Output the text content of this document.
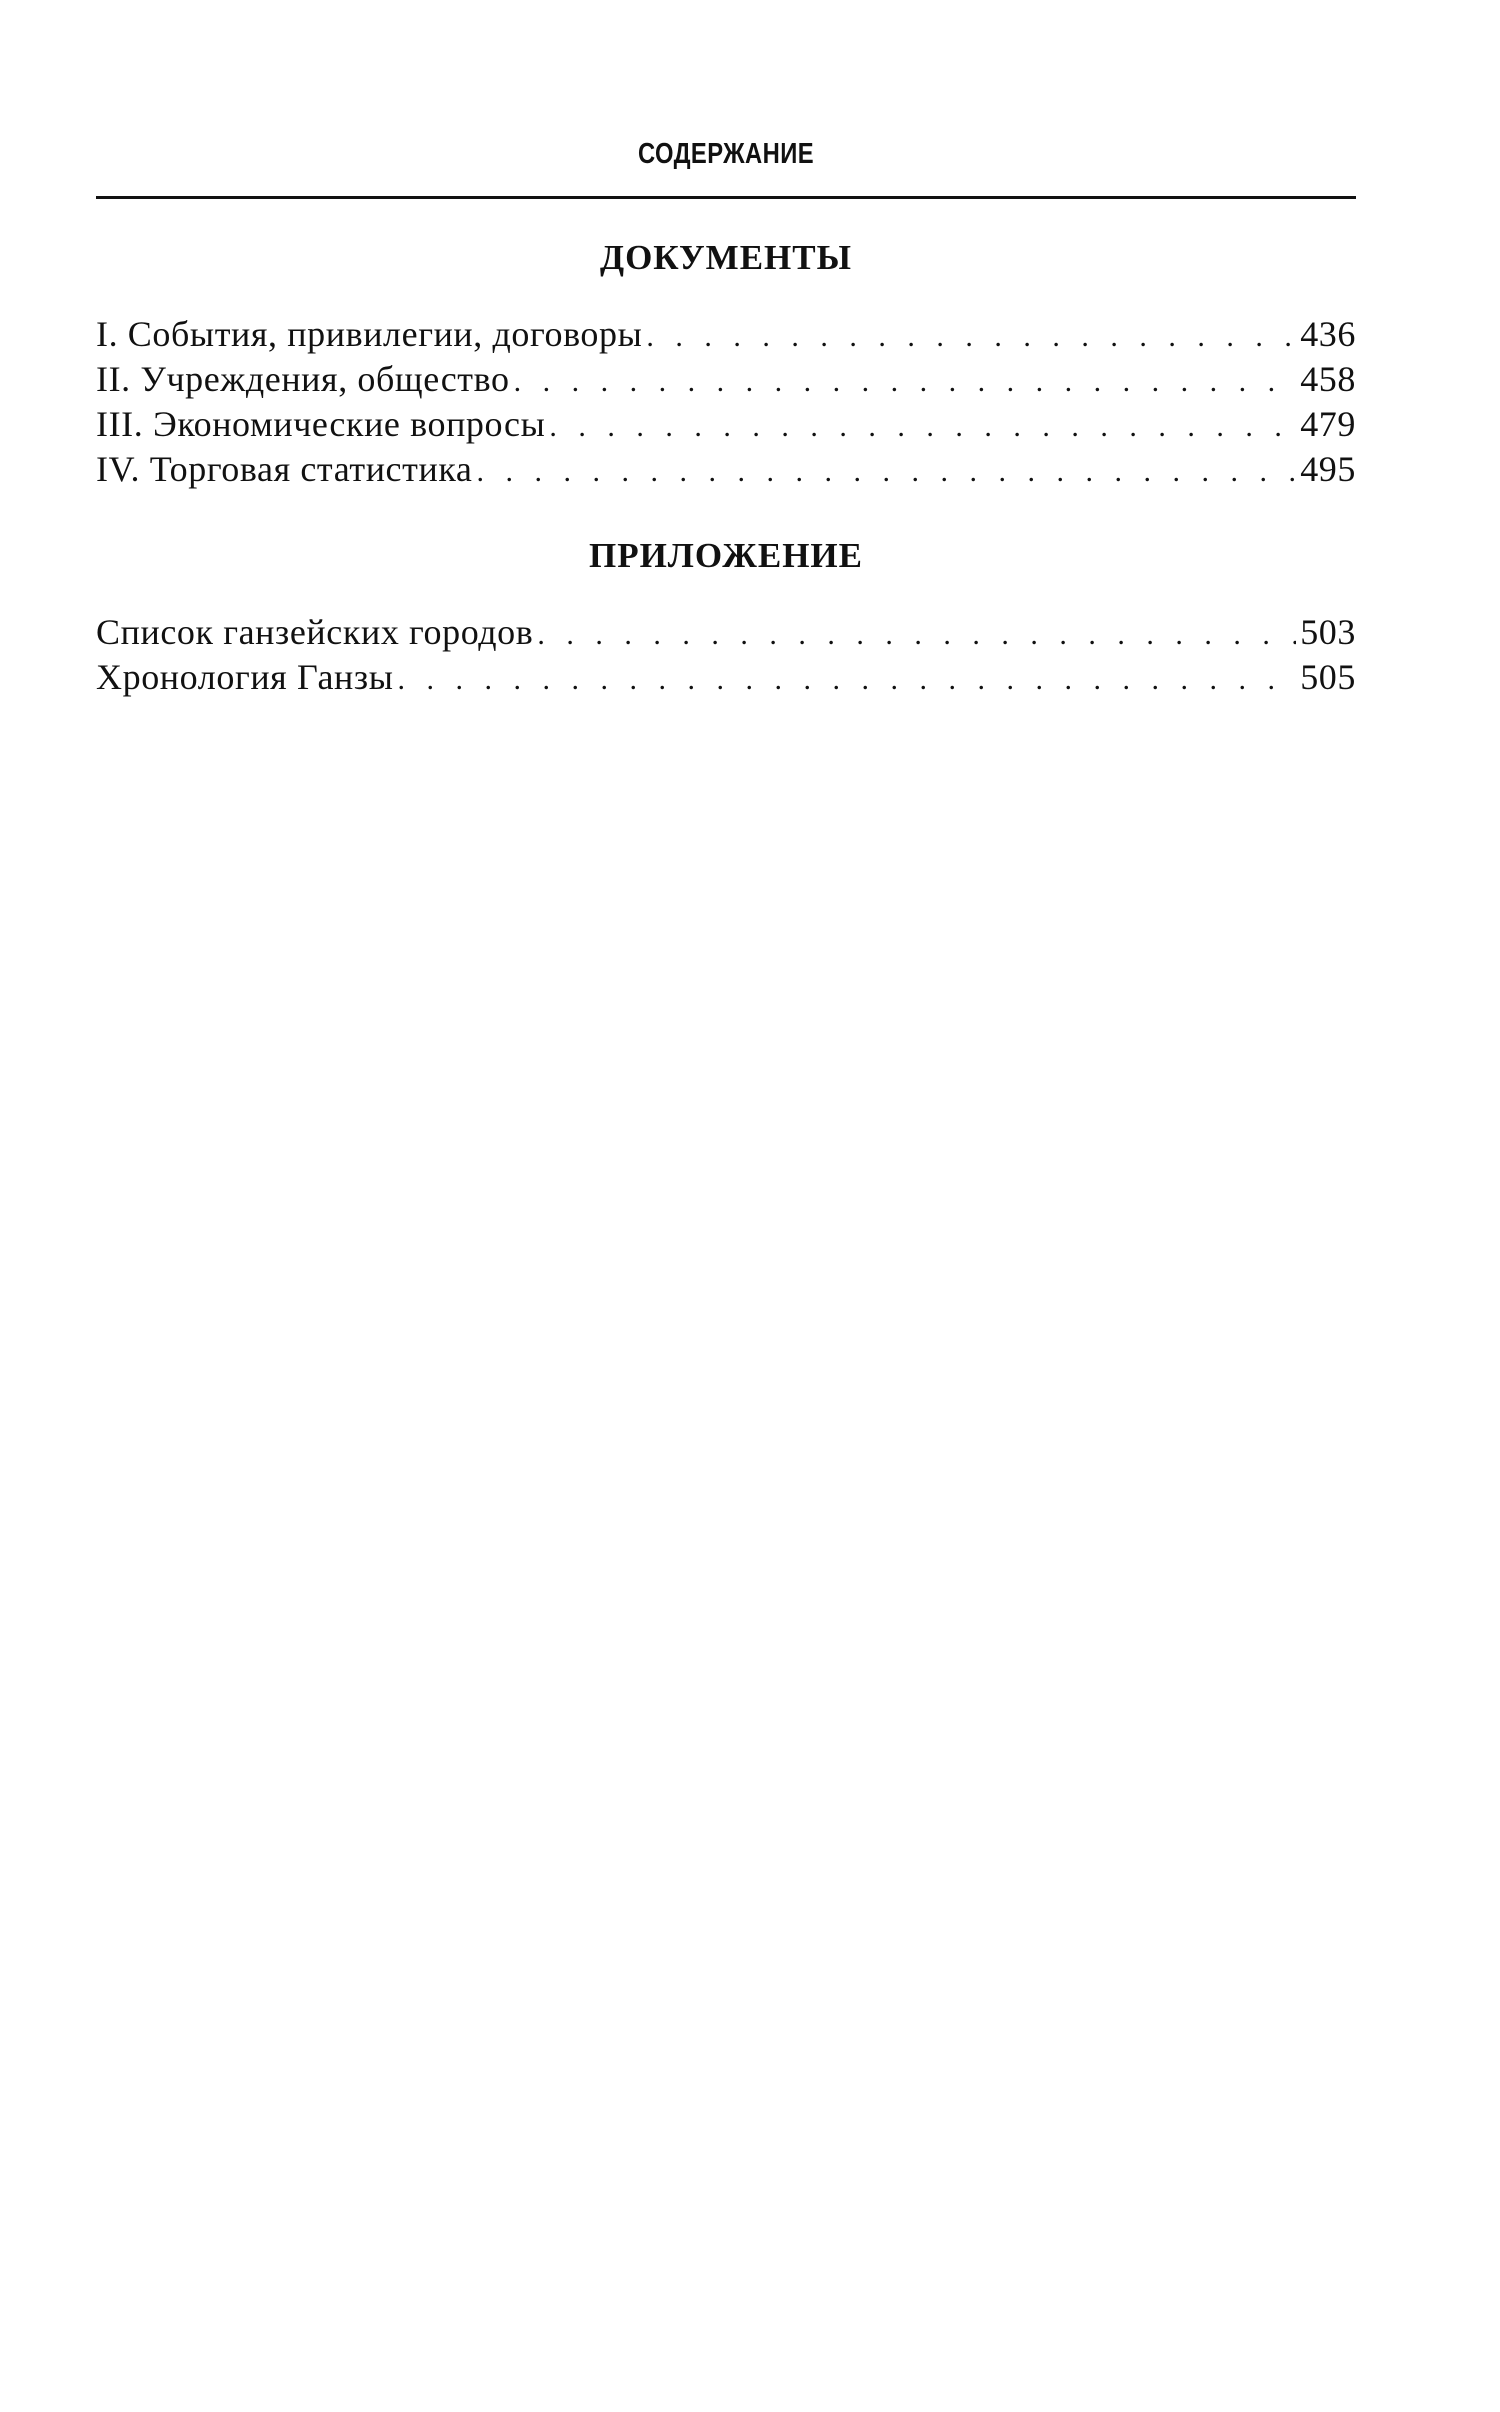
СОДЕРЖАНИЕ
ДОКУМЕНТЫ
I. События, привилегии, договоры . . .	436
II. Учреждения, общество . . .	458
III. Экономические вопросы . . .	479
IV. Торговая статистика . . .	495
ПРИЛОЖЕНИЕ
Список ганзейских городов . . .	503
Хронология Ганзы . . .	505
